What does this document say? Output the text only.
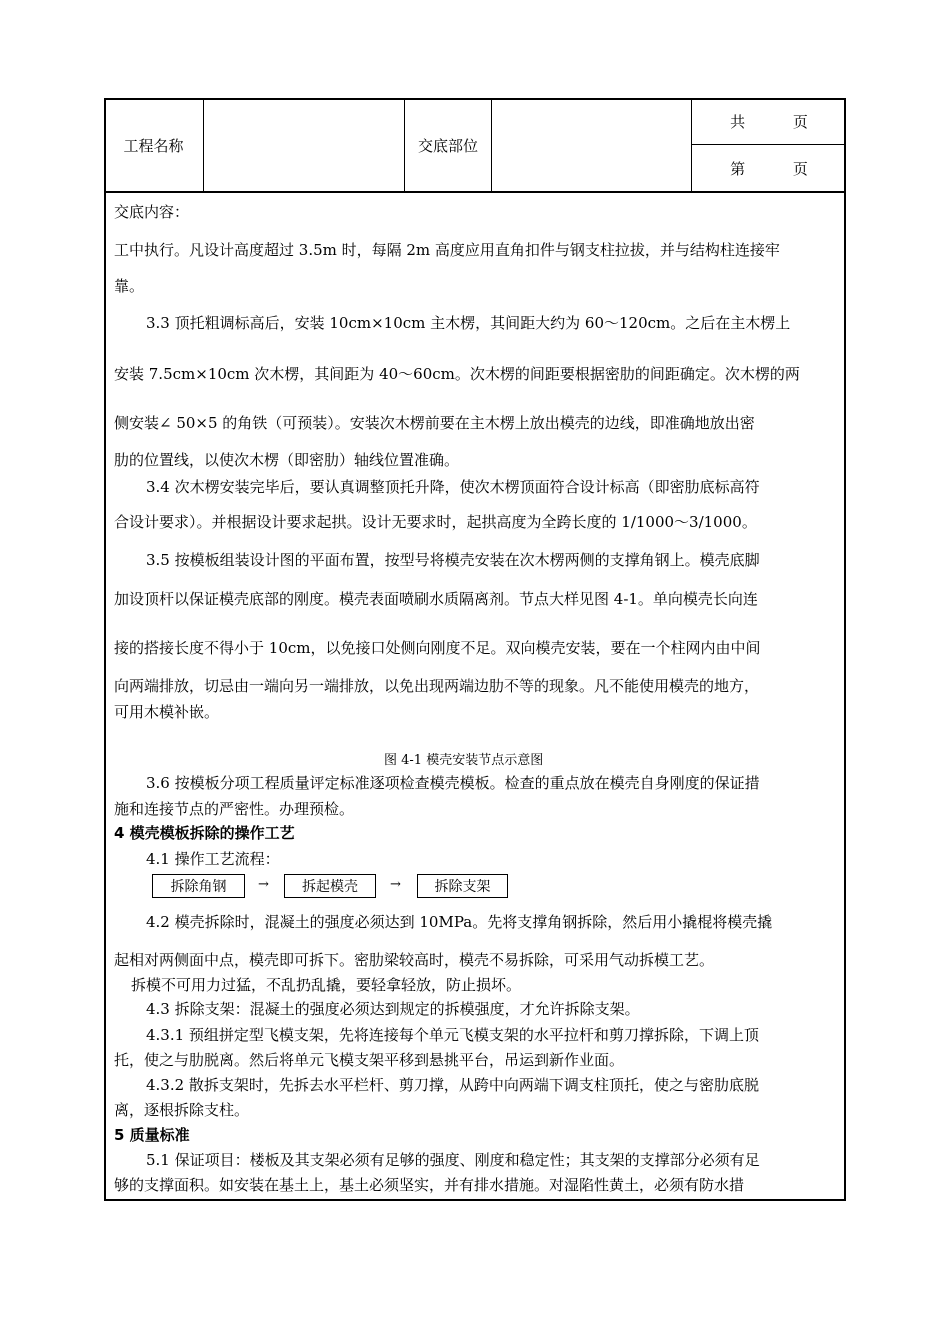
工程名称	交底部位
共          页
第          页
交底内容：
工中执行。凡设计高度超过 3.5m 时，每隔 2m 高度应用直角扣件与钢支柱拉拔，并与结构柱连接牢
靠。
3.3 顶托粗调标高后，安装 10cm×10cm 主木楞，其间距大约为 60～120cm。之后在主木楞上
安装 7.5cm×10cm 次木楞，其间距为 40～60cm。次木楞的间距要根据密肋的间距确定。次木楞的两
侧安装∠ 50×5 的角铁（可预装）。安装次木楞前要在主木楞上放出模壳的边线，即准确地放出密
肋的位置线，以使次木楞（即密肋）轴线位置准确。
3.4 次木楞安装完毕后，要认真调整顶托升降，使次木楞顶面符合设计标高（即密肋底标高符
合设计要求）。并根据设计要求起拱。设计无要求时，起拱高度为全跨长度的 1/1000～3/1000。
3.5 按模板组装设计图的平面布置，按型号将模壳安装在次木楞两侧的支撑角钢上。模壳底脚
加设顶杆以保证模壳底部的刚度。模壳表面喷刷水质隔离剂。节点大样见图 4-1。单向模壳长向连
接的搭接长度不得小于 10cm，以免接口处侧向刚度不足。双向模壳安装，要在一个柱网内由中间
向两端排放，切忌由一端向另一端排放，以免出现两端边肋不等的现象。凡不能使用模壳的地方，
可用木模补嵌。
图 4-1 模壳安装节点示意图
3.6 按模板分项工程质量评定标准逐项检查模壳模板。检查的重点放在模壳自身刚度的保证措
施和连接节点的严密性。办理预检。
4 模壳模板拆除的操作工艺
4.1 操作工艺流程：
拆除角钢	→	拆起模壳	→	拆除支架
4.2 模壳拆除时，混凝土的强度必须达到 10MPa。先将支撑角钢拆除，然后用小撬棍将模壳撬
起相对两侧面中点，模壳即可拆下。密肋梁较高时，模壳不易拆除，可采用气动拆模工艺。
拆模不可用力过猛，不乱扔乱撬，要轻拿轻放，防止损坏。
4.3 拆除支架：混凝土的强度必须达到规定的拆模强度，才允许拆除支架。
4.3.1 预组拼定型飞模支架，先将连接每个单元飞模支架的水平拉杆和剪刀撑拆除，下调上顶
托，使之与肋脱离。然后将单元飞模支架平移到悬挑平台，吊运到新作业面。
4.3.2 散拆支架时，先拆去水平栏杆、剪刀撑，从跨中向两端下调支柱顶托，使之与密肋底脱
离，逐根拆除支柱。
5 质量标准
5.1 保证项目：楼板及其支架必须有足够的强度、刚度和稳定性；其支架的支撑部分必须有足
够的支撑面积。如安装在基土上，基土必须坚实，并有排水措施。对湿陷性黄土，必须有防水措
